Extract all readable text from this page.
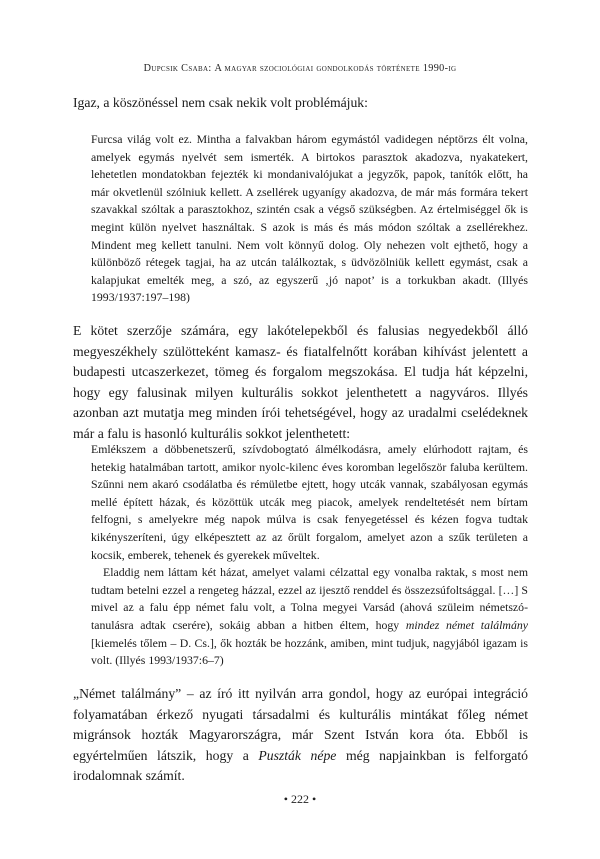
Dupcsik Csaba: A magyar szociológiai gondolkodás története 1990-ig

Igaz, a köszönéssel nem csak nekik volt problémájuk:

Furcsa világ volt ez. Mintha a falvakban három egymástól vadidegen néptörzs élt volna, amelyek egymás nyelvét sem ismerték. A birtokos parasztok akadozva, nyakatekert, lehetetlen mondatokban fejezték ki mondanivalójukat a jegyzők, papok, tanítók előtt, ha már okvetlenül szólniuk kellett. A zsellérek ugyanígy akadozva, de már más formára tekert szavakkal szóltak a parasztokhoz, szintén csak a végső szükségben. Az értelmiséggel ők is megint külön nyelvet használtak. S azok is más és más módon szóltak a zsellérekhez. Mindent meg kellett tanulni. Nem volt könnyű dolog. Oly nehezen volt ejthető, hogy a különböző rétegek tagjai, ha az utcán találkoztak, s üdvözölniük kellett egymást, csak a kalapjukat emelték meg, a szó, az egyszerű ‚jó napot’ is a torkukban akadt. (Illyés 1993/1937:197–198)

E kötet szerzője számára, egy lakótelepekből és falusias negyedekből álló megyeszékhely szülötteként kamasz- és fiatalfelnőtt korában kihívást jelentett a budapesti utcaszerkezet, tömeg és forgalom megszokása. El tudja hát képzelni, hogy egy falusinak milyen kulturális sokkot jelenthetett a nagyváros. Illyés azonban azt mutatja meg minden írói tehetségével, hogy az uradalmi cselédeknek már a falu is hasonló kulturális sokkot jelenthetett:

Emlékszem a döbbenetszerű, szívdobogtató álmélkodásra, amely elúrhodott rajtam, és hetekig hatalmában tartott, amikor nyolc-kilenc éves koromban legelőször faluba kerültem. Szűnni nem akaró csodálatba és rémületbe ejtett, hogy utcák vannak, szabályosan egymás mellé épített házak, és közöttük utcák meg piacok, amelyek rendeltetését nem bírtam felfogni, s amelyekre még napok múlva is csak fenyegetéssel és kézen fogva tudtak kikényszeríteni, úgy elképesztett az az őrült forgalom, amelyet azon a szűk területen a kocsik, emberek, tehenek és gyerekek műveltek.

Eladdig nem láttam két házat, amelyet valami célzattal egy vonalba raktak, s most nem tudtam betelni ezzel a rengeteg házzal, ezzel az ijesztő renddel és összezsúfoltsággal. […] S mivel az a falu épp német falu volt, a Tolna megyei Varsád (ahová szüleim németszó-tanulásra adtak cserére), sokáig abban a hitben éltem, hogy mindez német találmány [kiemelés tőlem – D. Cs.], ők hozták be hozzánk, amiben, mint tudjuk, nagyjából igazam is volt. (Illyés 1993/1937:6–7)

„Német találmány” – az író itt nyilván arra gondol, hogy az európai integráció folyamatában érkező nyugati társadalmi és kulturális mintákat főleg német migránsok hozták Magyarországra, már Szent István kora óta. Ebből is egyértelműen látszik, hogy a Puszták népe még napjainkban is felforgató irodalomnak számít.

• 222 •
